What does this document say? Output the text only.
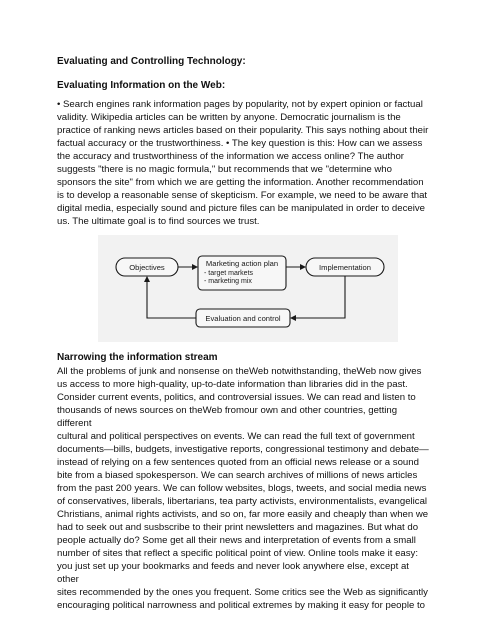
Evaluating and Controlling Technology:
Evaluating Information on the Web:
• Search engines rank information pages by popularity, not by expert opinion or factual
validity. Wikipedia articles can be written by anyone. Democratic journalism is the
practice of ranking news articles based on their popularity. This says nothing about their
factual accuracy or the trustworthiness. • The key question is this: How can we assess
the accuracy and trustworthiness of the information we access online? The author
suggests "there is no magic formula," but recommends that we "determine who
sponsors the site" from which we are getting the information. Another recommendation
is to develop a reasonable sense of skepticism. For example, we need to be aware that
digital media, especially sound and picture files can be manipulated in order to deceive
us. The ultimate goal is to find sources we trust.
Objectives	Marketing action plan
- target markets
- marketing mix
Implementation
Evaluation and control
Narrowing the information stream
All the problems of junk and nonsense on theWeb notwithstanding, theWeb now gives
us access to more high-quality, up-to-date information than libraries did in the past.
Consider current events, politics, and controversial issues. We can read and listen to
thousands of news sources on theWeb fromour own and other countries, getting
different
cultural and political perspectives on events. We can read the full text of government
documents—bills, budgets, investigative reports, congressional testimony and debate—
instead of relying on a few sentences quoted from an official news release or a sound
bite from a biased spokesperson. We can search archives of millions of news articles
from the past 200 years. We can follow websites, blogs, tweets, and social media news
of conservatives, liberals, libertarians, tea party activists, environmentalists, evangelical
Christians, animal rights activists, and so on, far more easily and cheaply than when we
had to seek out and susbscribe to their print newsletters and magazines. But what do
people actually do? Some get all their news and interpretation of events from a small
number of sites that reflect a specific political point of view. Online tools make it easy:
you just set up your bookmarks and feeds and never look anywhere else, except at
other
sites recommended by the ones you frequent. Some critics see the Web as significantly
encouraging political narrowness and political extremes by making it easy for people to
